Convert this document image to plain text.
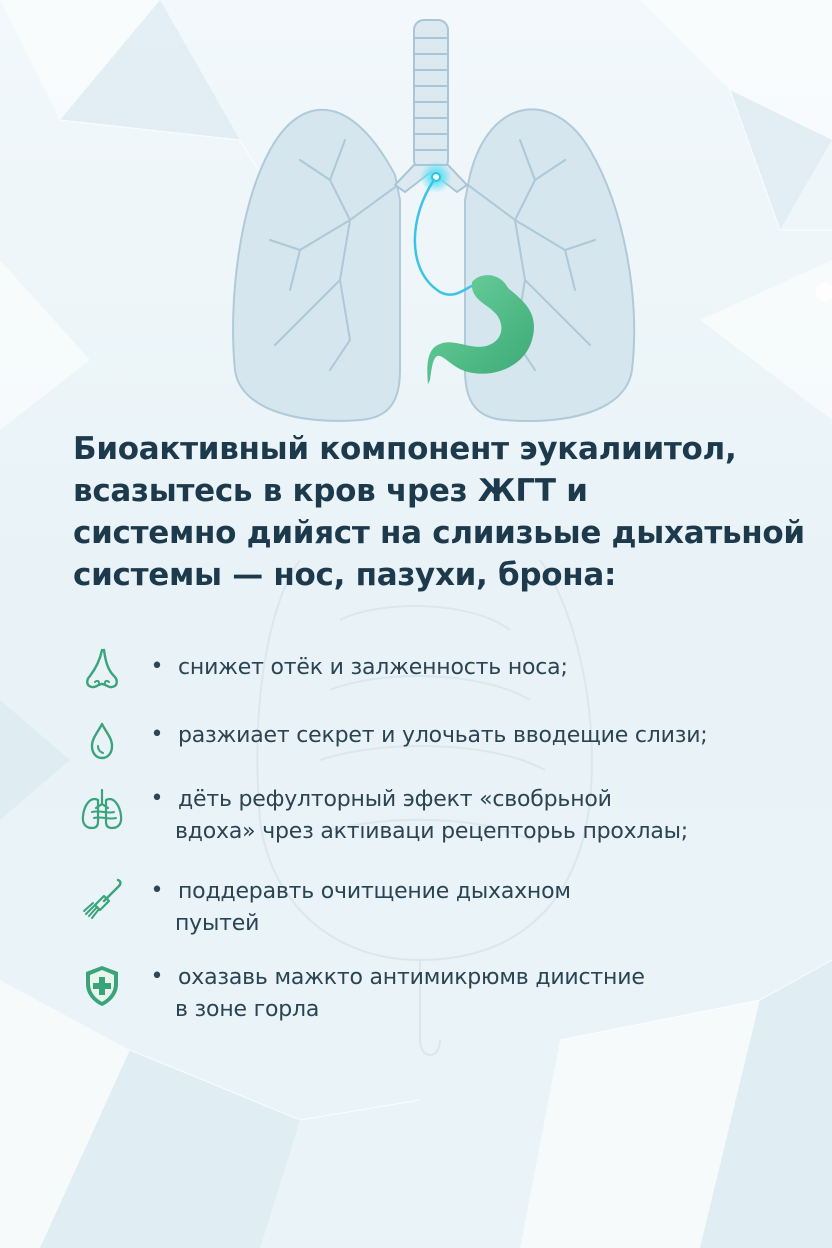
Биоактивный компонент эукалиитол,
всазытесь в кров чрез ЖГТ и
системно дийяст на слиизьые дыхатьной
системы — нос, пазухи, брона:
• снижет отёк и залженность носа;
• разжиает секрет и улочьать вводещие слизи;
• дёть рефулторный эфект «свобрьной
вдоха» чрез актıиваци рецепторьь прохлаы;
• поддеравть очитщение дыхахном
пуытей
• охазавь мажкто антимикрюмв диистние
в зоне горла
